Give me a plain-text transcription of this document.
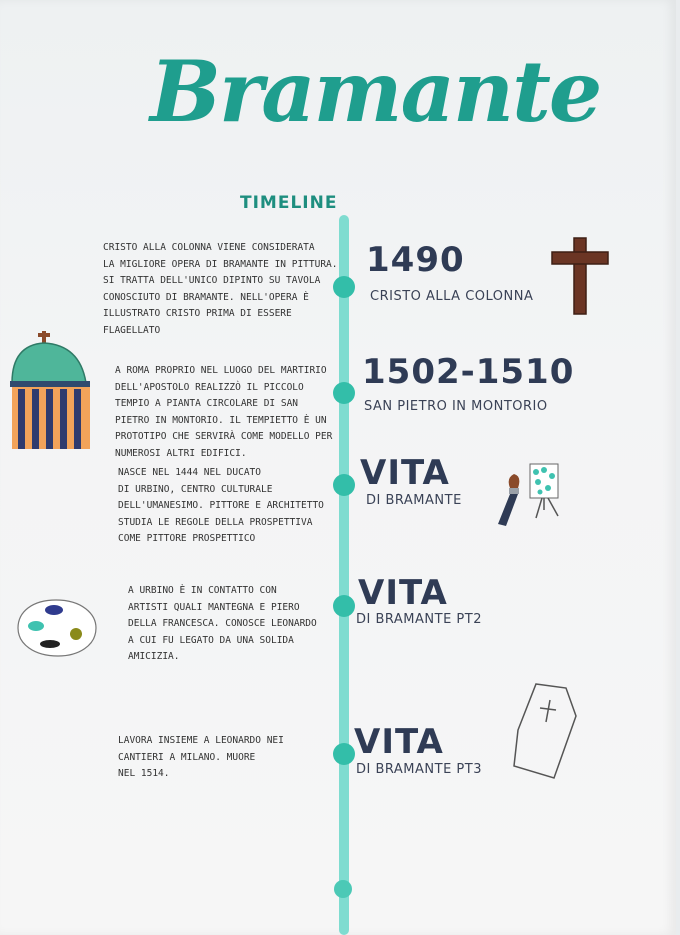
Bramante
TIMELINE
CRISTO ALLA COLONNA VIENE CONSIDERATA
LA MIGLIORE OPERA DI BRAMANTE IN PITTURA.
SI TRATTA DELL'UNICO DIPINTO SU TAVOLA
CONOSCIUTO DI BRAMANTE. NELL'OPERA È
ILLUSTRATO CRISTO PRIMA DI ESSERE FLAGELLATO
1490
CRISTO ALLA COLONNA
A ROMA PROPRIO NEL LUOGO DEL MARTIRIO
DELL'APOSTOLO REALIZZÒ IL PICCOLO
TEMPIO A PIANTA CIRCOLARE DI SAN
PIETRO IN MONTORIO. IL TEMPIETTO È UN
PROTOTIPO CHE SERVIRÀ COME MODELLO PER
NUMEROSI ALTRI EDIFICI.
1502-1510
SAN PIETRO IN MONTORIO
NASCE NEL 1444 NEL DUCATO
DI URBINO, CENTRO CULTURALE
DELL'UMANESIMO. PITTORE E ARCHITETTO
STUDIA LE REGOLE DELLA PROSPETTIVA
COME PITTORE PROSPETTICO
VITA
DI BRAMANTE
A URBINO È IN CONTATTO CON
ARTISTI QUALI MANTEGNA E PIERO
DELLA FRANCESCA. CONOSCE LEONARDO
A CUI FU LEGATO DA UNA SOLIDA
AMICIZIA.
VITA
DI BRAMANTE PT2
LAVORA INSIEME A LEONARDO NEI
CANTIERI A MILANO. MUORE
NEL 1514.
VITA
DI BRAMANTE PT3
